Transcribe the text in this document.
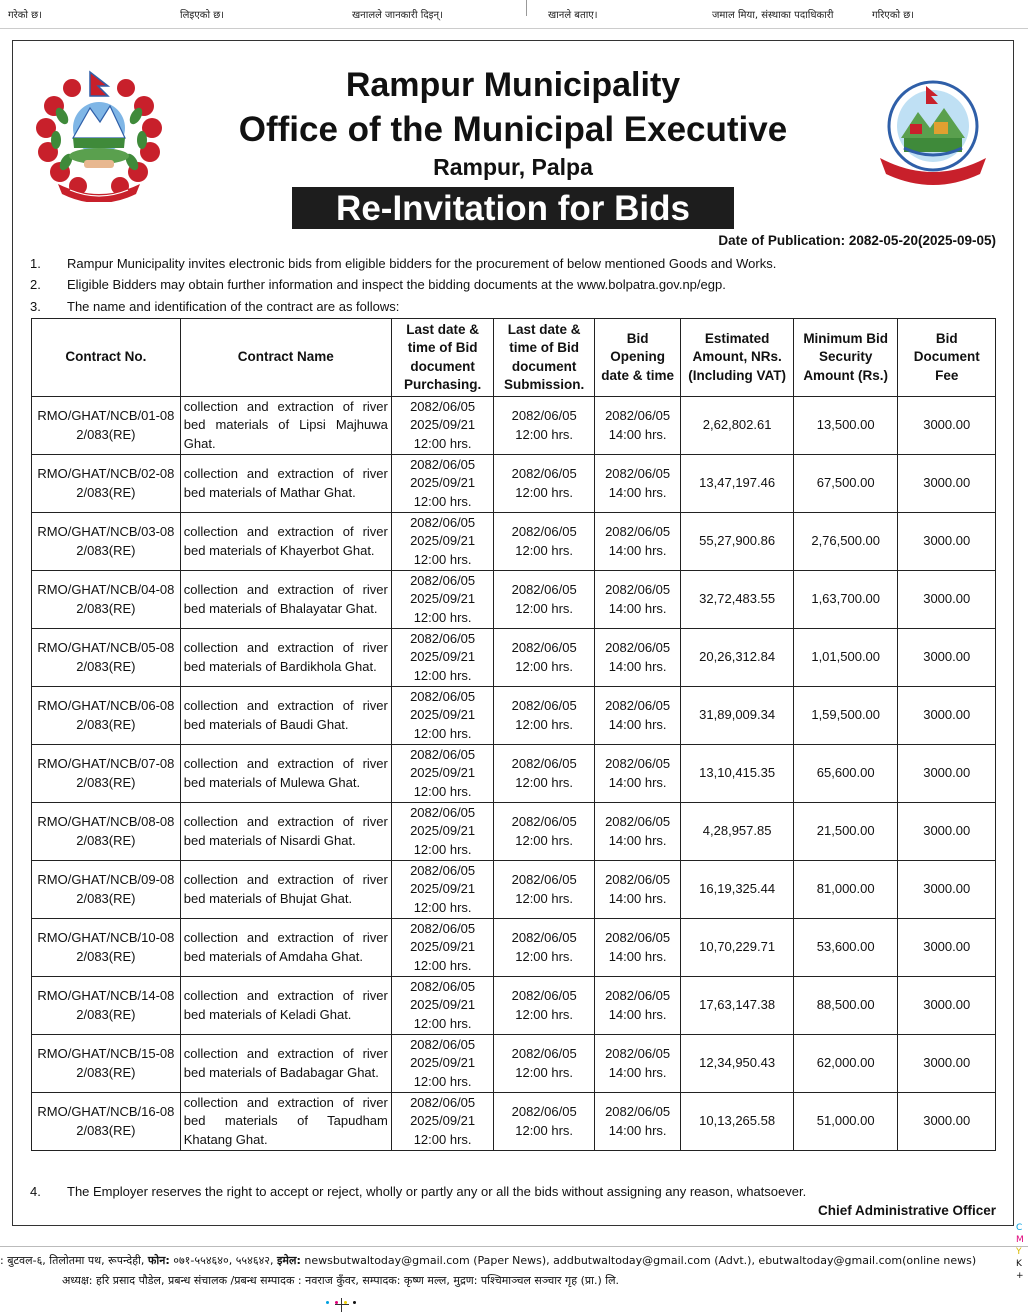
गरेको छ।	लिइएको छ।	खनालले जानकारी दिइन्।	खानले बताए।	जमाल मिया, संस्थाका पदाधिकारी	गरिएको छ।
Rampur Municipality
Office of the Municipal Executive
Rampur, Palpa
Re-Invitation for Bids
Date of Publication: 2082-05-20(2025-09-05)
1. Rampur Municipality invites electronic bids from eligible bidders for the procurement of below mentioned Goods and Works.
2. Eligible Bidders may obtain further information and inspect the bidding documents at the www.bolpatra.gov.np/egp.
3. The name and identification of the contract are as follows:
Contract No.	Contract Name	Last date & time of Bid document Purchasing.	Last date & time of Bid document Submission.	Bid Opening date & time	Estimated Amount, NRs. (Including VAT)	Minimum Bid Security Amount (Rs.)	Bid Document Fee
RMO/GHAT/NCB/01-082/083(RE)	collection and extraction of river bed materials of Lipsi Majhuwa Ghat.	2082/06/05
2025/09/21
12:00 hrs.	2082/06/05
12:00 hrs.	2082/06/05
14:00 hrs.	2,62,802.61	13,500.00	3000.00
RMO/GHAT/NCB/02-082/083(RE)	collection and extraction of river bed materials of Mathar Ghat.	2082/06/05
2025/09/21
12:00 hrs.	2082/06/05
12:00 hrs.	2082/06/05
14:00 hrs.	13,47,197.46	67,500.00	3000.00
RMO/GHAT/NCB/03-082/083(RE)	collection and extraction of river bed materials of Khayerbot Ghat.	2082/06/05
2025/09/21
12:00 hrs.	2082/06/05
12:00 hrs.	2082/06/05
14:00 hrs.	55,27,900.86	2,76,500.00	3000.00
RMO/GHAT/NCB/04-082/083(RE)	collection and extraction of river bed materials of Bhalayatar Ghat.	2082/06/05
2025/09/21
12:00 hrs.	2082/06/05
12:00 hrs.	2082/06/05
14:00 hrs.	32,72,483.55	1,63,700.00	3000.00
RMO/GHAT/NCB/05-082/083(RE)	collection and extraction of river bed materials of Bardikhola Ghat.	2082/06/05
2025/09/21
12:00 hrs.	2082/06/05
12:00 hrs.	2082/06/05
14:00 hrs.	20,26,312.84	1,01,500.00	3000.00
RMO/GHAT/NCB/06-082/083(RE)	collection and extraction of river bed materials of Baudi Ghat.	2082/06/05
2025/09/21
12:00 hrs.	2082/06/05
12:00 hrs.	2082/06/05
14:00 hrs.	31,89,009.34	1,59,500.00	3000.00
RMO/GHAT/NCB/07-082/083(RE)	collection and extraction of river bed materials of Mulewa Ghat.	2082/06/05
2025/09/21
12:00 hrs.	2082/06/05
12:00 hrs.	2082/06/05
14:00 hrs.	13,10,415.35	65,600.00	3000.00
RMO/GHAT/NCB/08-082/083(RE)	collection and extraction of river bed materials of Nisardi Ghat.	2082/06/05
2025/09/21
12:00 hrs.	2082/06/05
12:00 hrs.	2082/06/05
14:00 hrs.	4,28,957.85	21,500.00	3000.00
RMO/GHAT/NCB/09-082/083(RE)	collection and extraction of river bed materials of Bhujat Ghat.	2082/06/05
2025/09/21
12:00 hrs.	2082/06/05
12:00 hrs.	2082/06/05
14:00 hrs.	16,19,325.44	81,000.00	3000.00
RMO/GHAT/NCB/10-082/083(RE)	collection and extraction of river bed materials of Amdaha Ghat.	2082/06/05
2025/09/21
12:00 hrs.	2082/06/05
12:00 hrs.	2082/06/05
14:00 hrs.	10,70,229.71	53,600.00	3000.00
RMO/GHAT/NCB/14-082/083(RE)	collection and extraction of river bed materials of Keladi Ghat.	2082/06/05
2025/09/21
12:00 hrs.	2082/06/05
12:00 hrs.	2082/06/05
14:00 hrs.	17,63,147.38	88,500.00	3000.00
RMO/GHAT/NCB/15-082/083(RE)	collection and extraction of river bed materials of Badabagar Ghat.	2082/06/05
2025/09/21
12:00 hrs.	2082/06/05
12:00 hrs.	2082/06/05
14:00 hrs.	12,34,950.43	62,000.00	3000.00
RMO/GHAT/NCB/16-082/083(RE)	collection and extraction of river bed materials of Tapudham Khatang Ghat.	2082/06/05
2025/09/21
12:00 hrs.	2082/06/05
12:00 hrs.	2082/06/05
14:00 hrs.	10,13,265.58	51,000.00	3000.00
4. The Employer reserves the right to accept or reject, wholly or partly any or all the bids without assigning any reason, whatsoever.
Chief Administrative Officer
: बुटवल-६, तिलोतमा पथ, रूपन्देही, फोन: ०७१-५५४६४०, ५५४६४२, इमेल: newsbutwaltoday@gmail.com (Paper News), addbutwaltoday@gmail.com (Advt.), ebutwaltoday@gmail.com(online news)
अध्यक्ष: हरि प्रसाद पौडेल, प्रबन्ध संचालक /प्रबन्ध सम्पादक : नवराज कुँवर, सम्पादक: कृष्ण मल्ल, मुद्रण: पश्चिमाञ्चल सञ्चार गृह (प्रा.) लि.
C
M
Y
K
+
